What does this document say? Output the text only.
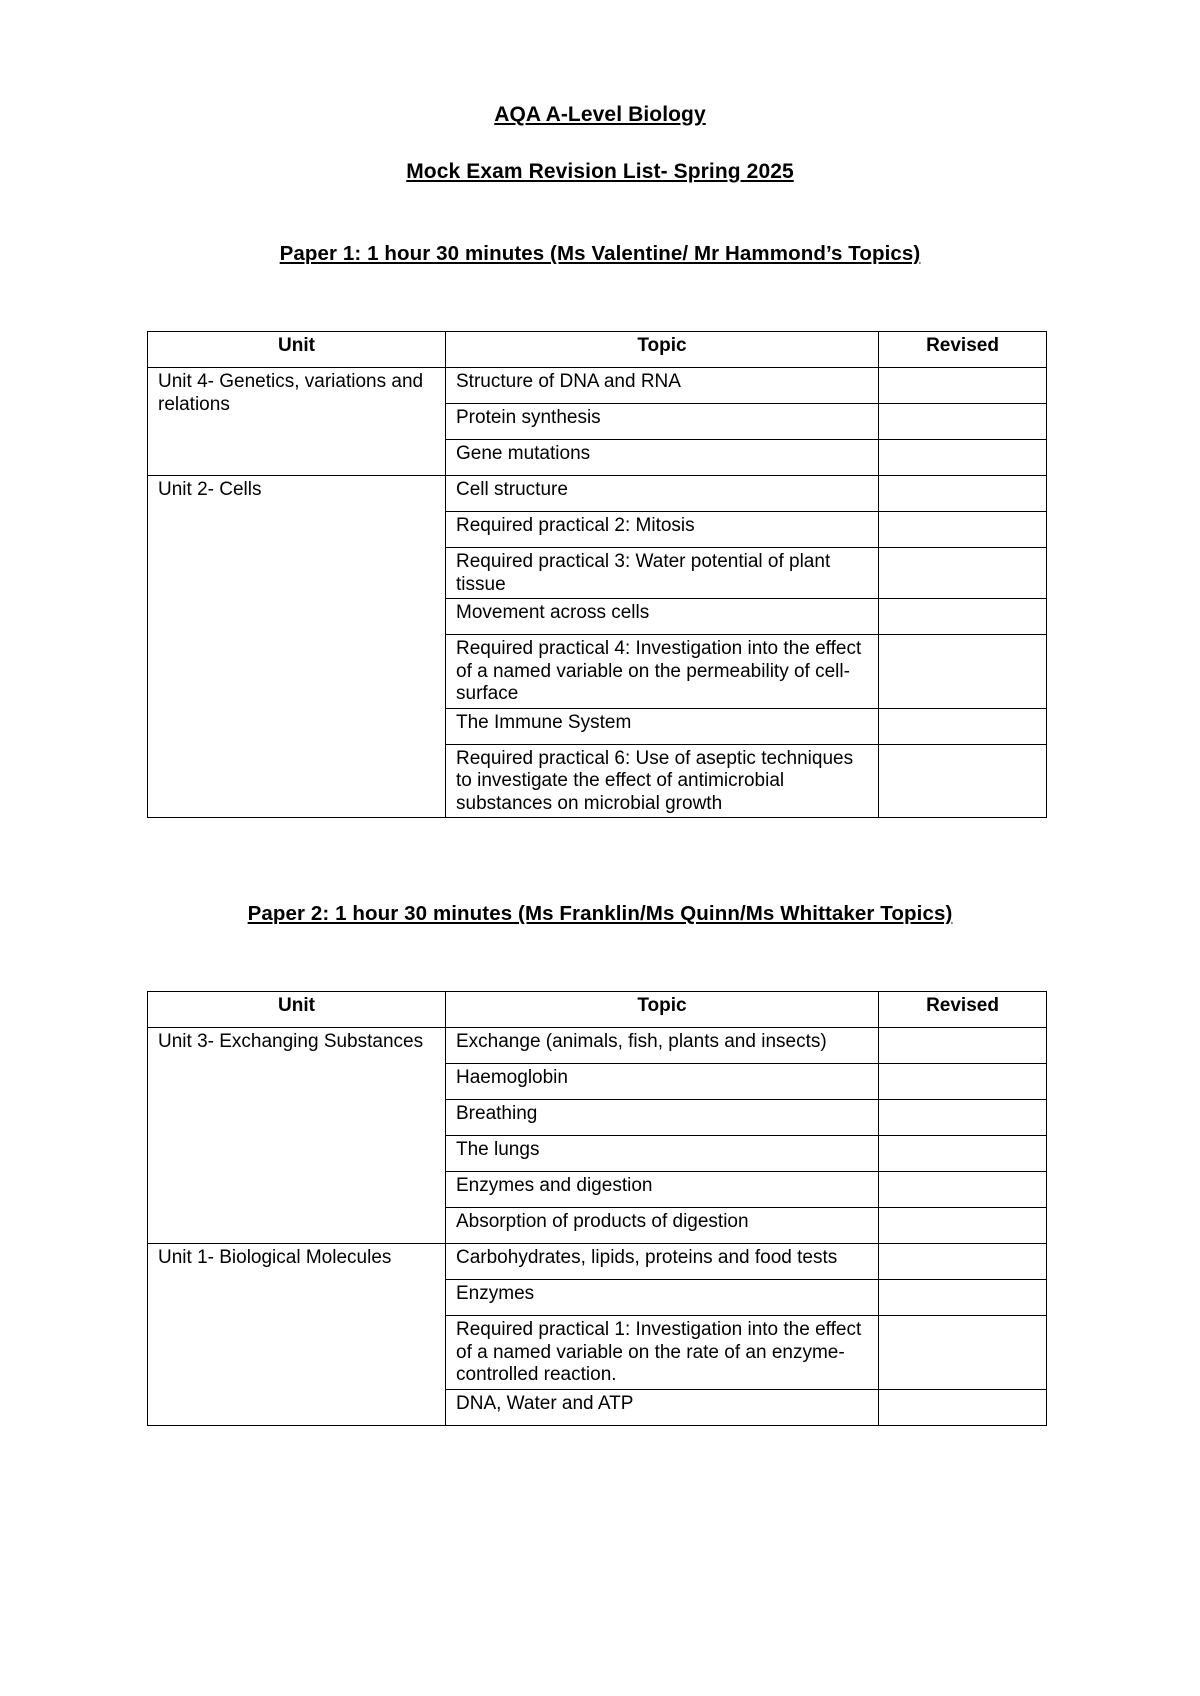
AQA A-Level Biology
Mock Exam Revision List- Spring 2025
Paper 1: 1 hour 30 minutes (Ms Valentine/ Mr Hammond’s Topics)
Unit	Topic	Revised
Unit 4- Genetics, variations and relations	Structure of DNA and RNA	
	Protein synthesis	
	Gene mutations	
Unit 2- Cells	Cell structure	
	Required practical 2: Mitosis	
	Required practical 3: Water potential of plant tissue	
	Movement across cells	
	Required practical 4: Investigation into the effect of a named variable on the permeability of cell-surface	
	The Immune System	
	Required practical 6: Use of aseptic techniques to investigate the effect of antimicrobial substances on microbial growth	
Paper 2: 1 hour 30 minutes (Ms Franklin/Ms Quinn/Ms Whittaker Topics)
Unit	Topic	Revised
Unit 3- Exchanging Substances	Exchange (animals, fish, plants and insects)	
	Haemoglobin	
	Breathing	
	The lungs	
	Enzymes and digestion	
	Absorption of products of digestion	
Unit 1- Biological Molecules	Carbohydrates, lipids, proteins and food tests	
	Enzymes	
	Required practical 1: Investigation into the effect of a named variable on the rate of an enzyme-controlled reaction.	
	DNA, Water and ATP	
